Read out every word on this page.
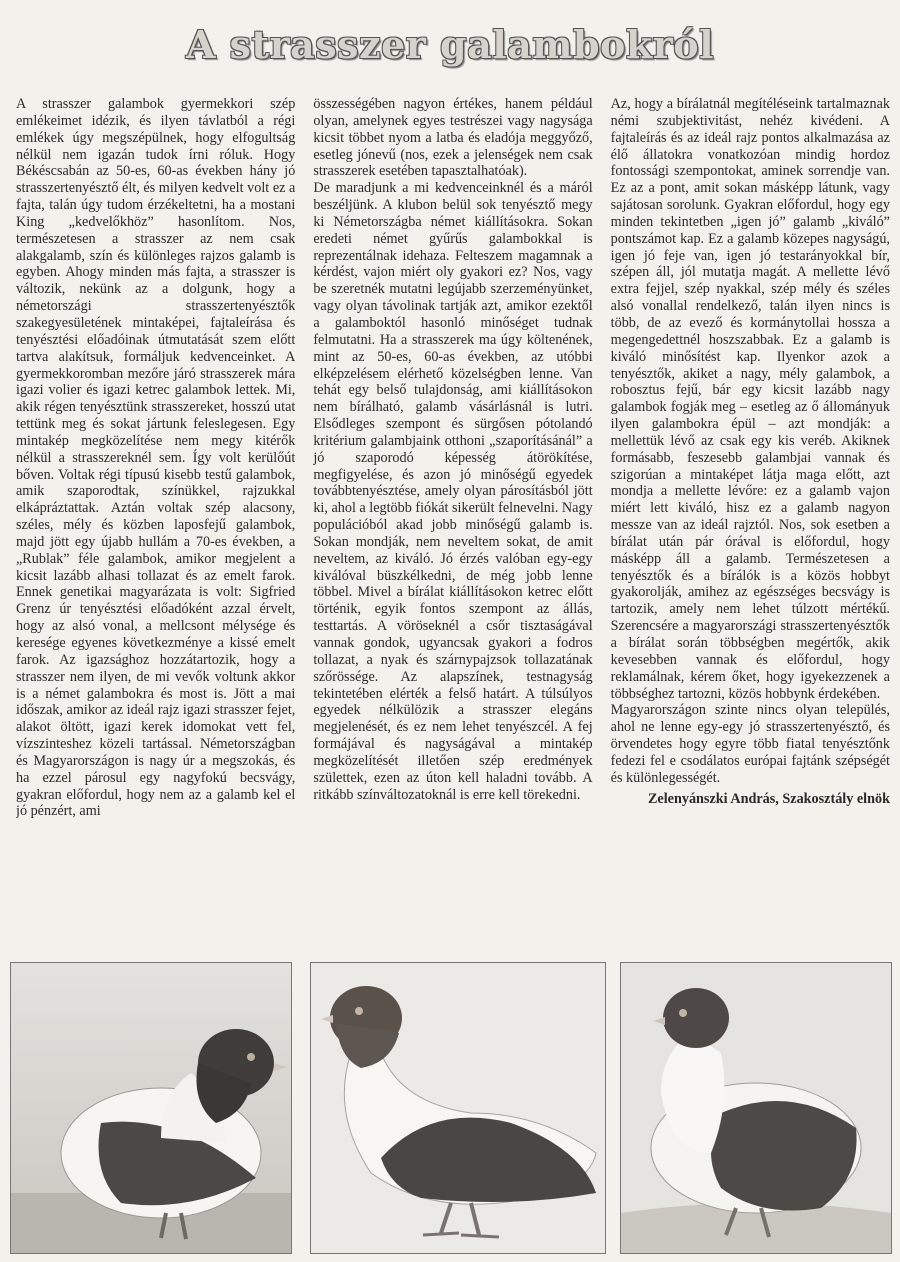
A strasszer galambokról

A strasszer galambok gyermekkori szép emlékeimet idézik, és ilyen távlatból a régi emlékek úgy megszépülnek, hogy elfogultság nélkül nem igazán tudok írni róluk. Hogy Békéscsabán az 50-es, 60-as években hány jó strasszertenyésztő élt, és milyen kedvelt volt ez a fajta, talán úgy tudom érzékeltetni, ha a mostani King „kedvelőkhöz” hasonlítom. Nos, természetesen a strasszer az nem csak alakgalamb, szín és különleges rajzos galamb is egyben. Ahogy minden más fajta, a strasszer is változik, nekünk az a dolgunk, hogy a németországi strasszertenyésztők szakegyesületének mintaképei, fajtaleírása és tenyésztési előadóinak útmutatását szem előtt tartva alakítsuk, formáljuk kedvenceinket. A gyermekkoromban mezőre járó strasszerek mára igazi volier és igazi ketrec galambok lettek. Mi, akik régen tenyésztünk strasszereket, hosszú utat tettünk meg és sokat jártunk feleslegesen. Egy mintakép megközelítése nem megy kitérők nélkül a strasszereknél sem. Így volt kerülőút bőven. Voltak régi típusú kisebb testű galambok, amik szaporodtak, színükkel, rajzukkal elkápráztattak. Aztán voltak szép alacsony, széles, mély és közben laposfejű galambok, majd jött egy újabb hullám a 70-es években, a „Rublak” féle galambok, amikor megjelent a kicsit lazább alhasi tollazat és az emelt farok. Ennek genetikai magyarázata is volt: Sigfried Grenz úr tenyésztési előadóként azzal érvelt, hogy az alsó vonal, a mellcsont mélysége és keresége egyenes következménye a kissé emelt farok. Az igazsághoz hozzátartozik, hogy a strasszer nem ilyen, de mi vevők voltunk akkor is a német galambokra és most is. Jött a mai időszak, amikor az ideál rajz igazi strasszer fejet, alakot öltött, igazi kerek idomokat vett fel, vízszinteshez közeli tartással. Németországban és Magyarországon is nagy úr a megszokás, és ha ezzel párosul egy nagyfokú becsvágy, gyakran előfordul, hogy nem az a galamb kel el jó pénzért, ami

összességében nagyon értékes, hanem például olyan, amelynek egyes testrészei vagy nagysága kicsit többet nyom a latba és eladója meggyőző, esetleg jónevű (nos, ezek a jelenségek nem csak strasszerek esetében tapasztalhatóak).

De maradjunk a mi kedvenceinknél és a máról beszéljünk. A klubon belül sok tenyésztő megy ki Németországba német kiállításokra. Sokan eredeti német gyűrűs galambokkal is reprezentálnak idehaza. Felteszem magamnak a kérdést, vajon miért oly gyakori ez? Nos, vagy be szeretnék mutatni legújabb szerzeményünket, vagy olyan távolinak tartják azt, amikor ezektől a galamboktól hasonló minőséget tudnak felmutatni. Ha a strasszerek ma úgy költenének, mint az 50-es, 60-as években, az utóbbi elképzelésem elérhető közelségben lenne. Van tehát egy belső tulajdonság, ami kiállításokon nem bírálható, galamb vásárlásnál is lutri. Elsődleges szempont és sürgősen pótolandó kritérium galambjaink otthoni „szaporításánál” a jó szaporodó képesség átörökítése, megfigyelése, és azon jó minőségű egyedek továbbtenyésztése, amely olyan párosításból jött ki, ahol a legtöbb fiókát sikerült felnevelni. Nagy populációból akad jobb minőségű galamb is. Sokan mondják, nem neveltem sokat, de amit neveltem, az kiváló. Jó érzés valóban egy-egy kiválóval büszkélkedni, de még jobb lenne többel. Mivel a bírálat kiállításokon ketrec előtt történik, egyik fontos szempont az állás, testtartás. A vöröseknél a csőr tisztaságával vannak gondok, ugyancsak gyakori a fodros tollazat, a nyak és szárnypajzsok tollazatának szőrössége. Az alapszínek, testnagyság tekintetében elérték a felső határt. A túlsúlyos egyedek nélkülözik a strasszer elegáns megjelenését, és ez nem lehet tenyészcél. A fej formájával és nagyságával a mintakép megközelítését illetően szép eredmények születtek, ezen az úton kell haladni tovább. A ritkább színváltozatoknál is erre kell törekedni.

Az, hogy a bírálatnál megítéléseink tartalmaznak némi szubjektivitást, nehéz kivédeni. A fajtaleírás és az ideál rajz pontos alkalmazása az élő állatokra vonatkozóan mindig hordoz fontossági szempontokat, aminek sorrendje van. Ez az a pont, amit sokan másképp látunk, vagy sajátosan sorolunk. Gyakran előfordul, hogy egy minden tekintetben „igen jó” galamb „kiváló” pontszámot kap. Ez a galamb közepes nagyságú, igen jó feje van, igen jó testarányokkal bír, szépen áll, jól mutatja magát. A mellette lévő extra fejjel, szép nyakkal, szép mély és széles alsó vonallal rendelkező, talán ilyen nincs is több, de az evező és kormánytollai hossza a megengedettnél hoszszabbak. Ez a galamb is kiváló minősítést kap. Ilyenkor azok a tenyésztők, akiket a nagy, mély galambok, a robosztus fejű, bár egy kicsit lazább nagy galambok fogják meg – esetleg az ő állományuk ilyen galambokra épül – azt mondják: a mellettük lévő az csak egy kis veréb. Akiknek formásabb, feszesebb galambjai vannak és szigorúan a mintaképet látja maga előtt, azt mondja a mellette lévőre: ez a galamb vajon miért lett kiváló, hisz ez a galamb nagyon messze van az ideál rajztól. Nos, sok esetben a bírálat után pár órával is előfordul, hogy másképp áll a galamb. Természetesen a tenyésztők és a bírálók is a közös hobbyt gyakorolják, amihez az egészséges becsvágy is tartozik, amely nem lehet túlzott mértékű. Szerencsére a magyarországi strasszertenyésztők a bírálat során többségben megértők, akik kevesebben vannak és előfordul, hogy reklamálnak, kérem őket, hogy igyekezzenek a többséghez tartozni, közös hobbynk érdekében.

Magyarországon szinte nincs olyan település, ahol ne lenne egy-egy jó strasszertenyésztő, és örvendetes hogy egyre több fiatal tenyésztőnk fedezi fel e csodálatos európai fajtánk szépségét és különlegességét.

Zelenyánszki András, Szakosztály elnök
